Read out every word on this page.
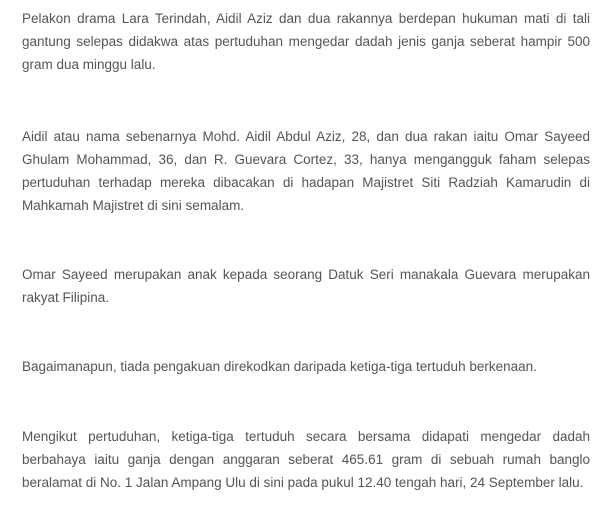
Pelakon drama Lara Terindah, Aidil Aziz dan dua rakannya berdepan hukuman mati di tali gantung selepas didakwa atas pertuduhan mengedar dadah jenis ganja seberat hampir 500 gram dua minggu lalu.

Aidil atau nama sebenarnya Mohd. Aidil Abdul Aziz, 28, dan dua rakan iaitu Omar Sayeed Ghulam Mohammad, 36, dan R. Guevara Cortez, 33, hanya mengangguk faham selepas pertuduhan terhadap mereka dibacakan di hadapan Majistret Siti Radziah Kamarudin di Mahkamah Majistret di sini semalam.

Omar Sayeed merupakan anak kepada seorang Datuk Seri manakala Guevara merupakan rakyat Filipina.

Bagaimanapun, tiada pengakuan direkodkan daripada ketiga-tiga tertuduh berkenaan.

Mengikut pertuduhan, ketiga-tiga tertuduh secara bersama didapati mengedar dadah berbahaya iaitu ganja dengan anggaran seberat 465.61 gram di sebuah rumah banglo beralamat di No. 1 Jalan Ampang Ulu di sini pada pukul 12.40 tengah hari, 24 September lalu.
